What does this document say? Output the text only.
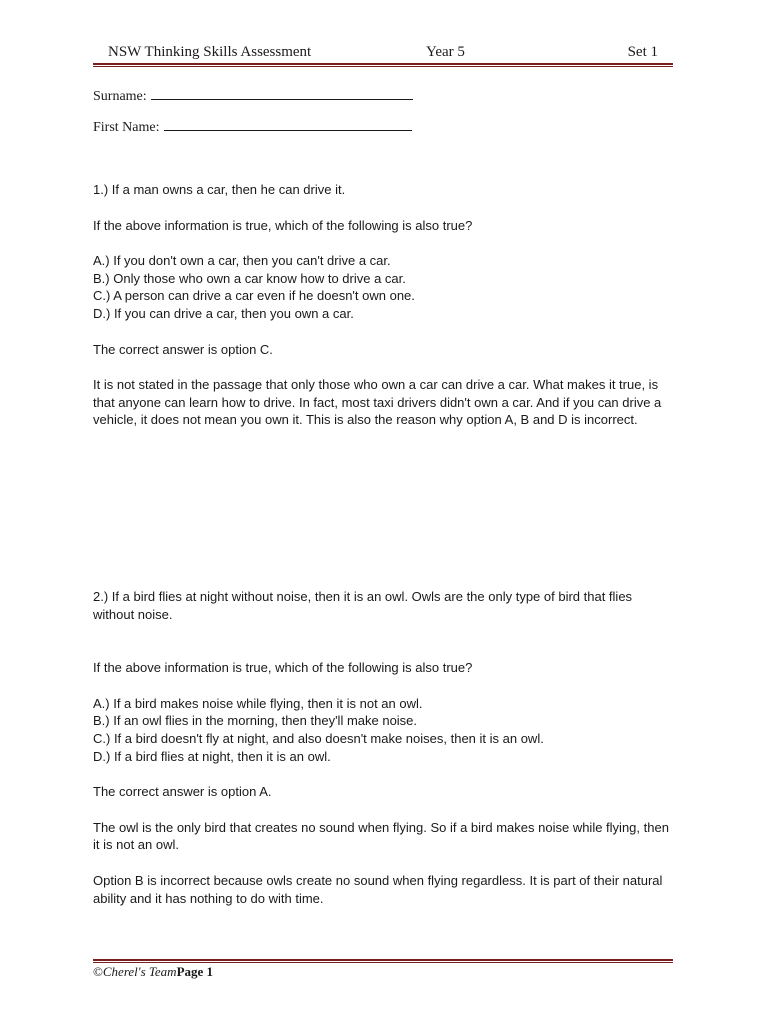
NSW Thinking Skills Assessment	Year 5	Set 1
Surname:
First Name:

1.) If a man owns a car, then he can drive it.

If the above information is true, which of the following is also true?

A.) If you don't own a car, then you can't drive a car.

B.) Only those who own a car know how to drive a car.

C.) A person can drive a car even if he doesn't own one.

D.) If you can drive a car, then you own a car.

The correct answer is option C.

It is not stated in the passage that only those who own a car can drive a car. What makes it true, is that anyone can learn how to drive. In fact, most taxi drivers didn't own a car. And if you can drive a vehicle, it does not mean you own it. This is also the reason why option A, B and D is incorrect.

2.) If a bird flies at night without noise, then it is an owl. Owls are the only type of bird that flies without noise.

If the above information is true, which of the following is also true?

A.) If a bird makes noise while flying, then it is not an owl.

B.) If an owl flies in the morning, then they'll make noise.

C.) If a bird doesn't fly at night, and also doesn't make noises, then it is an owl.

D.) If a bird flies at night, then it is an owl.

The correct answer is option A.

The owl is the only bird that creates no sound when flying. So if a bird makes noise while flying, then it is not an owl.

Option B is incorrect because owls create no sound when flying regardless. It is part of their natural ability and it has nothing to do with time.

©Cherel's TeamPage 1
